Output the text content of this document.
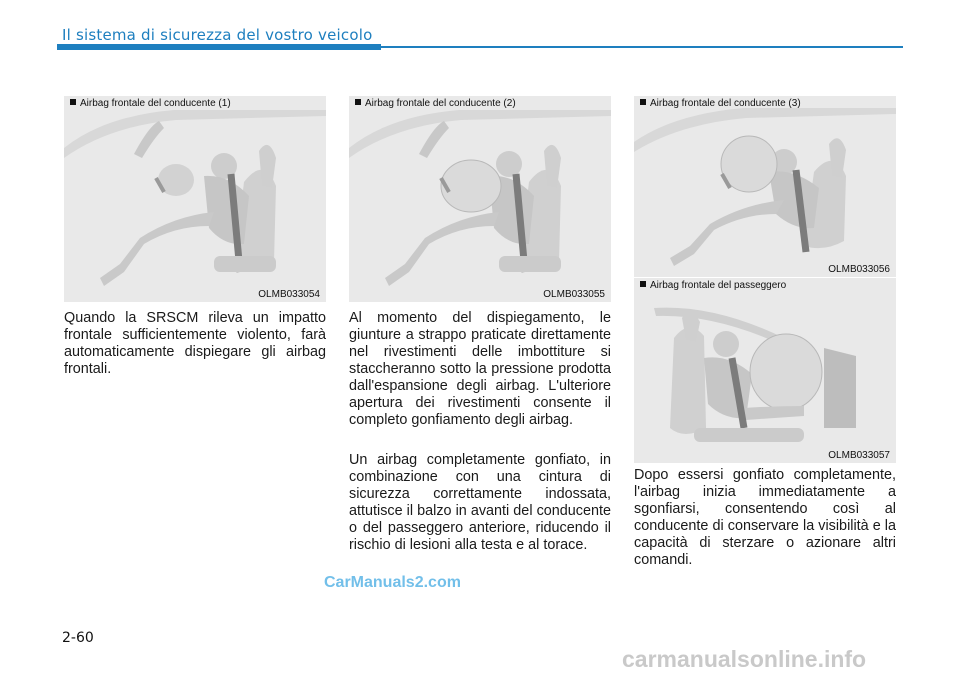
Il sistema di sicurezza del vostro veicolo
Airbag frontale del conducente (1)
OLMB033054
Airbag frontale del conducente (2)
OLMB033055
Airbag frontale del conducente (3)
OLMB033056
Airbag frontale del passeggero
OLMB033057

Quando la SRSCM rileva un impatto frontale sufficientemente violento, farà automaticamente dispiegare gli airbag frontali.

Al momento del dispiegamento, le giunture a strappo praticate direttamente nel rivestimenti delle imbottiture si staccheranno sotto la pressione prodotta dall'espansione degli airbag. L'ulteriore apertura dei rivestimenti consente il completo gonfiamento degli airbag.

Un airbag completamente gonfiato, in combinazione con una cintura di sicurezza correttamente indossata, attutisce il balzo in avanti del conducente o del passeggero anteriore, riducendo il rischio di lesioni alla testa e al torace.

Dopo essersi gonfiato completamente, l'airbag inizia immediatamente a sgonfiarsi, consentendo così al conducente di conservare la visibilità e la capacità di sterzare o azionare altri comandi.

2-60
CarManuals2.com
carmanualsonline.info
